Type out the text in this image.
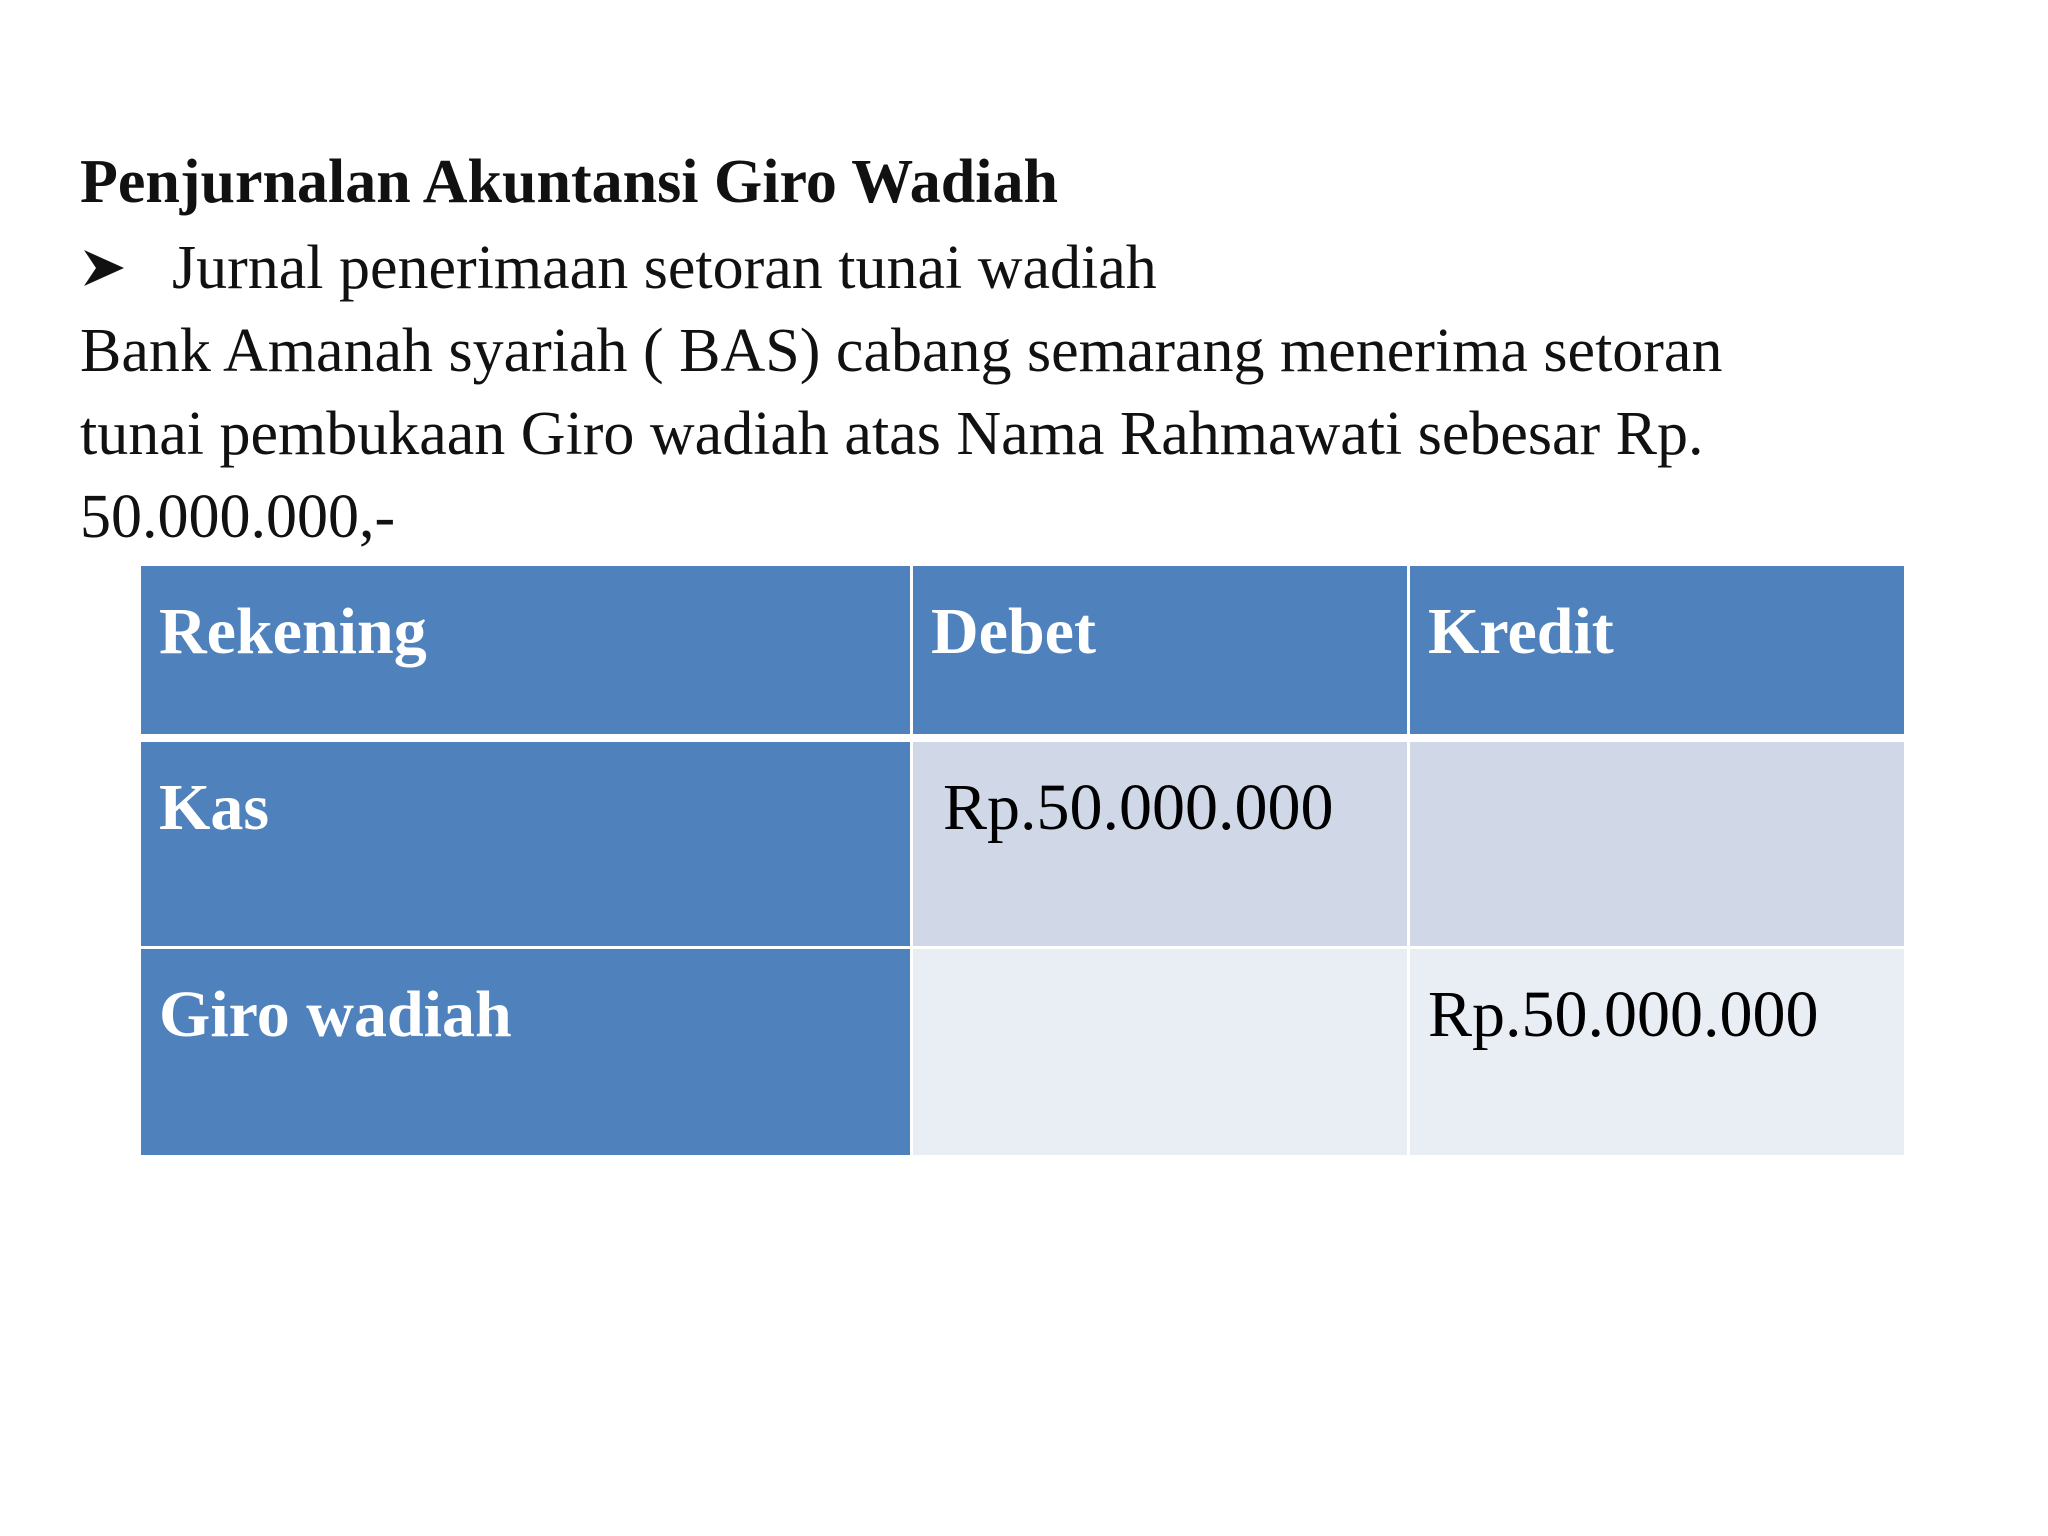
Penjurnalan Akuntansi Giro Wadiah
Jurnal penerimaan setoran tunai wadiah
Bank Amanah syariah ( BAS) cabang semarang menerima setoran
tunai pembukaan Giro wadiah atas Nama Rahmawati sebesar Rp.
50.000.000,-
Rekening	Debet	Kredit
Kas	Rp.50.000.000	
Giro wadiah		Rp.50.000.000
